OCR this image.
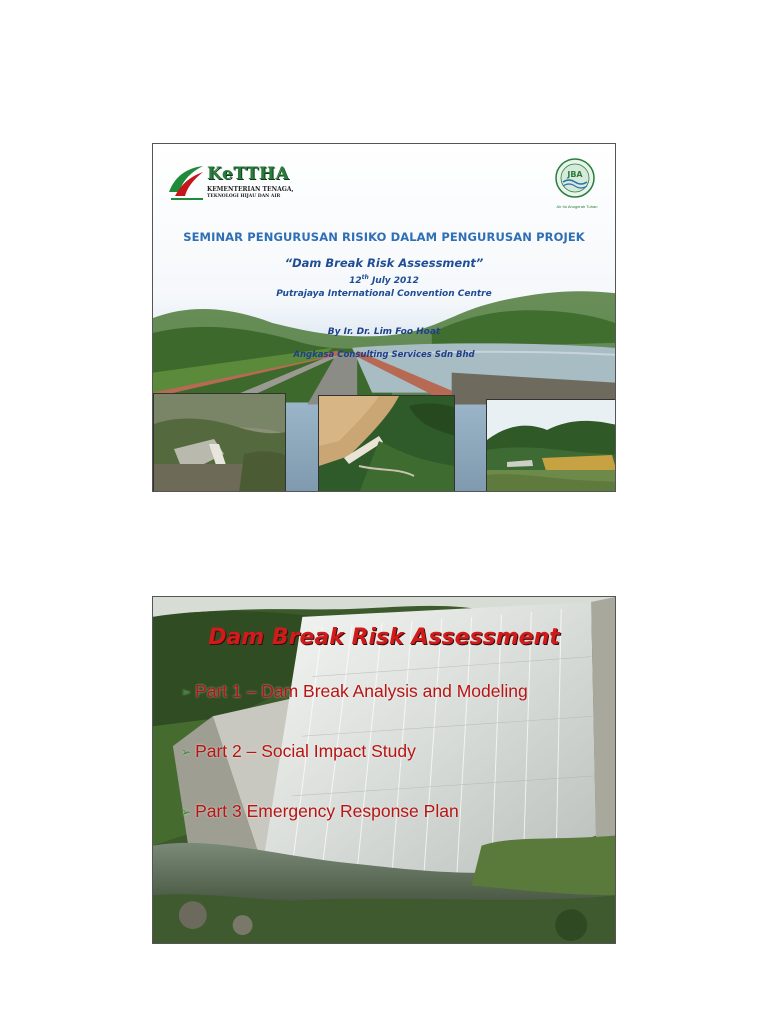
KeTTHA
KEMENTERIAN TENAGA,
TEKNOLOGI HIJAU DAN AIR
JBA
Air Itu Anugerah Tuhan
SEMINAR PENGURUSAN RISIKO DALAM PENGURUSAN PROJEK
“Dam Break Risk Assessment”
12th July 2012
Putrajaya International Convention Centre
By Ir. Dr. Lim Foo Hoat
Angkasa Consulting Services Sdn Bhd
Dam Break Risk Assessment
➢ Part 1 – Dam Break Analysis and Modeling
➢ Part 2 – Social Impact Study
➢ Part 3 Emergency Response Plan
